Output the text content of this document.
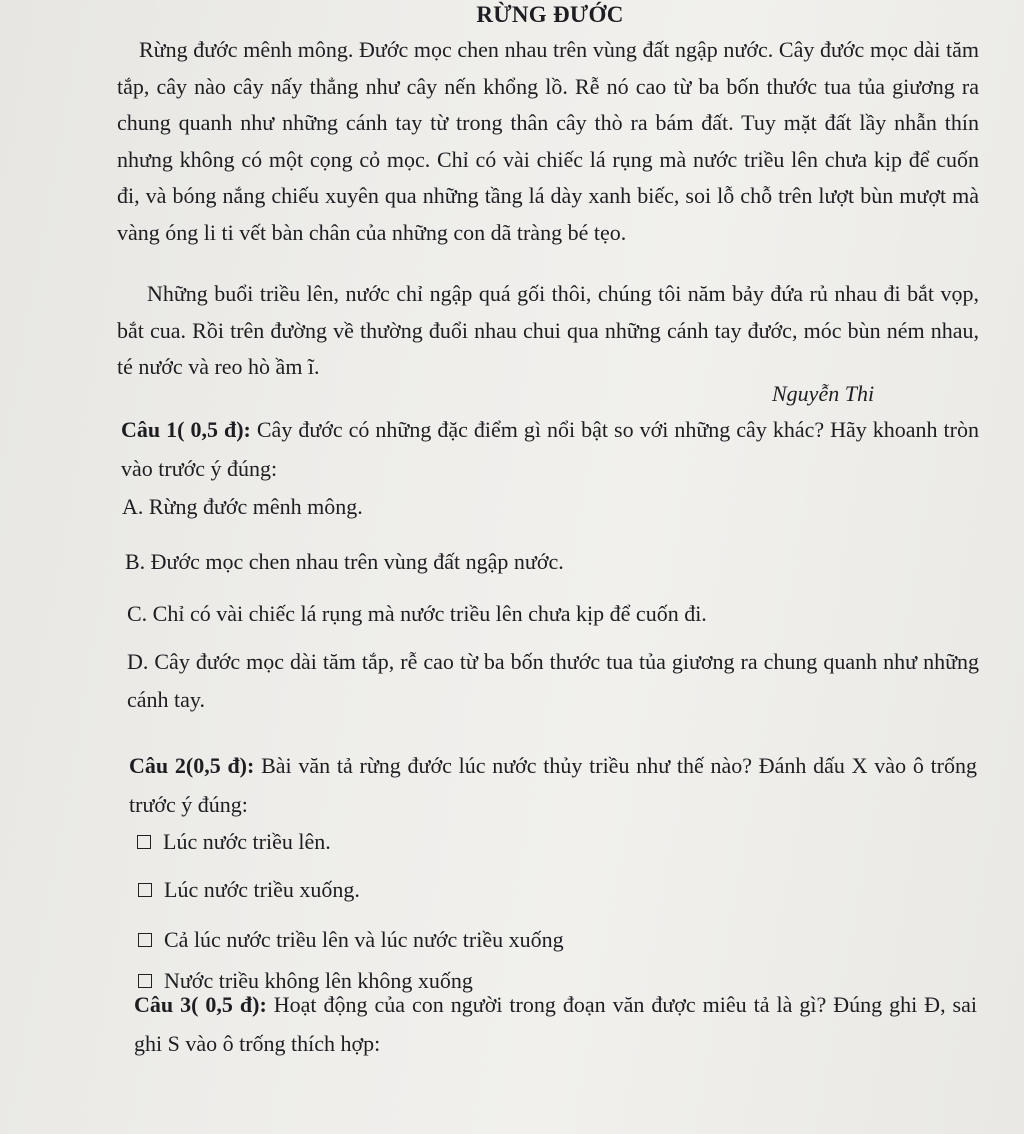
RỪNG ĐƯỚC

Rừng đước mênh mông. Đước mọc chen nhau trên vùng đất ngập nước. Cây đước mọc dài tăm tắp, cây nào cây nấy thẳng như cây nến khổng lồ. Rễ nó cao từ ba bốn thước tua tủa giương ra chung quanh như những cánh tay từ trong thân cây thò ra bám đất. Tuy mặt đất lầy nhẫn thín nhưng không có một cọng cỏ mọc. Chỉ có vài chiếc lá rụng mà nước triều lên chưa kịp để cuốn đi, và bóng nắng chiếu xuyên qua những tầng lá dày xanh biếc, soi lỗ chỗ trên lượt bùn mượt mà vàng óng li ti vết bàn chân của những con dã tràng bé tẹo.

Những buổi triều lên, nước chỉ ngập quá gối thôi, chúng tôi năm bảy đứa rủ nhau đi bắt vọp, bắt cua. Rồi trên đường về thường đuổi nhau chui qua những cánh tay đước, móc bùn ném nhau, té nước và reo hò ầm ĩ.

Nguyễn Thi

Câu 1( 0,5 đ): Cây đước có những đặc điểm gì nổi bật so với những cây khác? Hãy khoanh tròn vào trước ý đúng:

A. Rừng đước mênh mông.

B. Đước mọc chen nhau trên vùng đất ngập nước.

C. Chỉ có vài chiếc lá rụng mà nước triều lên chưa kịp để cuốn đi.

D. Cây đước mọc dài tăm tắp, rễ cao từ ba bốn thước tua tủa giương ra chung quanh như những cánh tay.

Câu 2(0,5 đ): Bài văn tả rừng đước lúc nước thủy triều như thế nào? Đánh dấu X vào ô trống trước ý đúng:

Lúc nước triều lên.
Lúc nước triều xuống.
Cả lúc nước triều lên và lúc nước triều xuống
Nước triều không lên không xuống

Câu 3( 0,5 đ): Hoạt động của con người trong đoạn văn được miêu tả là gì? Đúng ghi Đ, sai ghi S vào ô trống thích hợp:
